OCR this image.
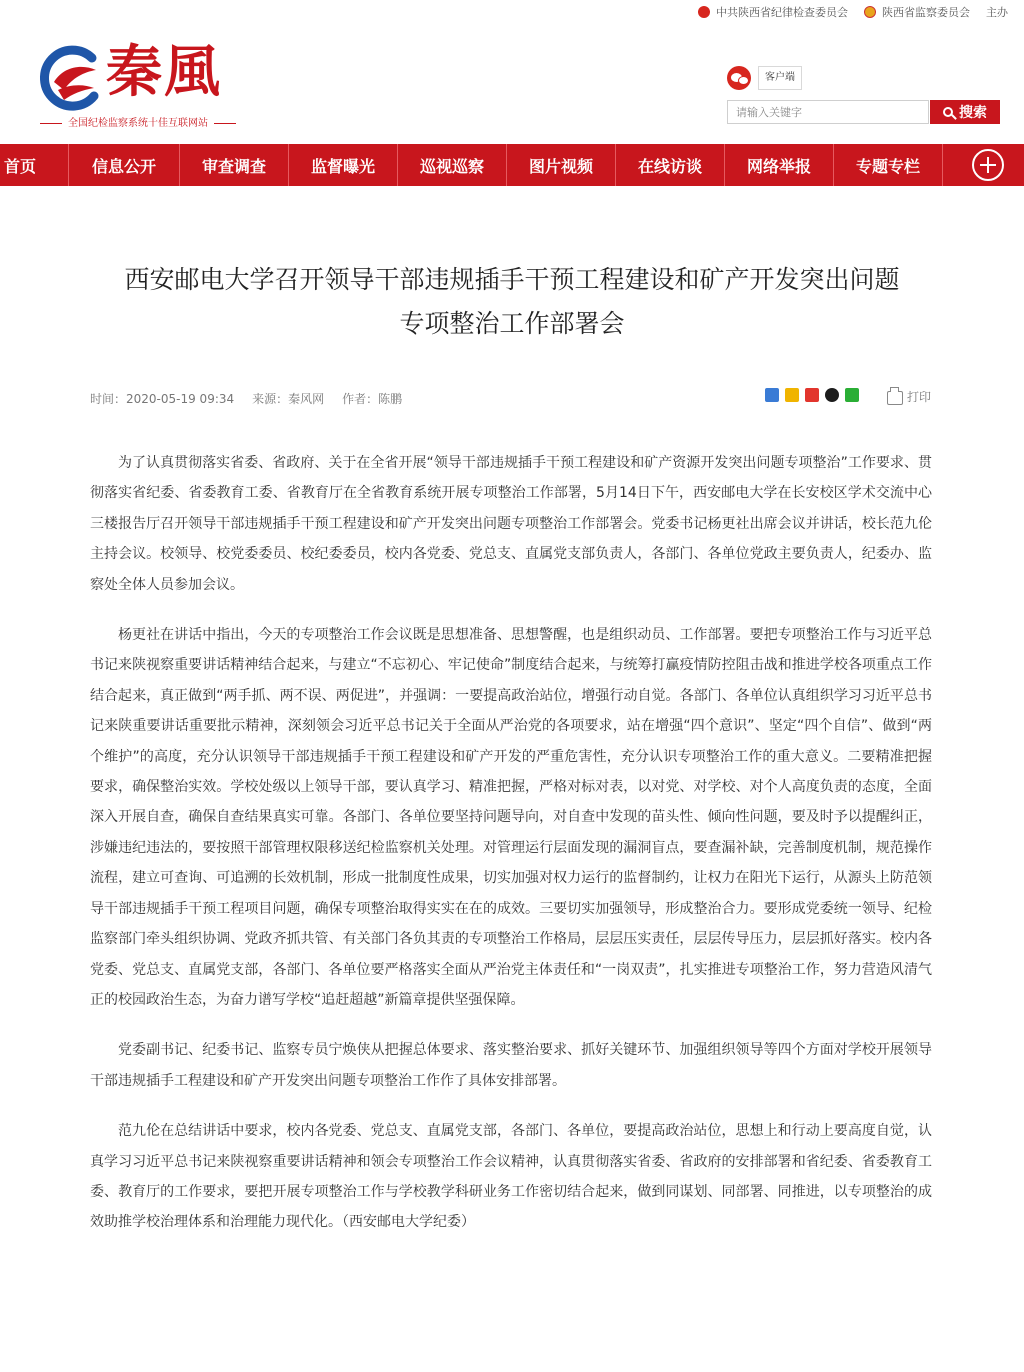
中共陕西省纪律检查委员会	陕西省监察委员会 主办
秦風
全国纪检监察系统十佳互联网站
客户端
请输入关键字
搜索
首页	信息公开	审查调查	监督曝光	巡视巡察	图片视频	在线访谈	网络举报	专题专栏
西安邮电大学召开领导干部违规插手干预工程建设和矿产开发突出问题
专项整治工作部署会
时间：2020-05-19 09:34 来源：秦风网 作者：陈鹏	打印

为了认真贯彻落实省委、省政府、关于在全省开展“领导干部违规插手干预工程建设和矿产资源开发突出问题专项整治”工作要求、贯彻落实省纪委、省委教育工委、省教育厅在全省教育系统开展专项整治工作部署，5月14日下午，西安邮电大学在长安校区学术交流中心三楼报告厅召开领导干部违规插手干预工程建设和矿产开发突出问题专项整治工作部署会。党委书记杨更社出席会议并讲话，校长范九伦主持会议。校领导、校党委委员、校纪委委员，校内各党委、党总支、直属党支部负责人，各部门、各单位党政主要负责人，纪委办、监察处全体人员参加会议。

杨更社在讲话中指出，今天的专项整治工作会议既是思想准备、思想警醒，也是组织动员、工作部署。要把专项整治工作与习近平总书记来陕视察重要讲话精神结合起来，与建立“不忘初心、牢记使命”制度结合起来，与统筹打赢疫情防控阻击战和推进学校各项重点工作结合起来，真正做到“两手抓、两不误、两促进”，并强调：一要提高政治站位，增强行动自觉。各部门、各单位认真组织学习习近平总书记来陕重要讲话重要批示精神，深刻领会习近平总书记关于全面从严治党的各项要求，站在增强“四个意识”、坚定“四个自信”、做到“两个维护”的高度，充分认识领导干部违规插手干预工程建设和矿产开发的严重危害性，充分认识专项整治工作的重大意义。二要精准把握要求，确保整治实效。学校处级以上领导干部，要认真学习、精准把握，严格对标对表，以对党、对学校、对个人高度负责的态度，全面深入开展自查，确保自查结果真实可靠。各部门、各单位要坚持问题导向，对自查中发现的苗头性、倾向性问题，要及时予以提醒纠正，涉嫌违纪违法的，要按照干部管理权限移送纪检监察机关处理。对管理运行层面发现的漏洞盲点，要查漏补缺，完善制度机制，规范操作流程，建立可查询、可追溯的长效机制，形成一批制度性成果，切实加强对权力运行的监督制约，让权力在阳光下运行，从源头上防范领导干部违规插手干预工程项目问题，确保专项整治取得实实在在的成效。三要切实加强领导，形成整治合力。要形成党委统一领导、纪检监察部门牵头组织协调、党政齐抓共管、有关部门各负其责的专项整治工作格局，层层压实责任，层层传导压力，层层抓好落实。校内各党委、党总支、直属党支部，各部门、各单位要严格落实全面从严治党主体责任和“一岗双责”，扎实推进专项整治工作，努力营造风清气正的校园政治生态，为奋力谱写学校“追赶超越”新篇章提供坚强保障。

党委副书记、纪委书记、监察专员宁焕侠从把握总体要求、落实整治要求、抓好关键环节、加强组织领导等四个方面对学校开展领导干部违规插手工程建设和矿产开发突出问题专项整治工作作了具体安排部署。

范九伦在总结讲话中要求，校内各党委、党总支、直属党支部，各部门、各单位，要提高政治站位，思想上和行动上要高度自觉，认真学习习近平总书记来陕视察重要讲话精神和领会专项整治工作会议精神，认真贯彻落实省委、省政府的安排部署和省纪委、省委教育工委、教育厅的工作要求，要把开展专项整治工作与学校教学科研业务工作密切结合起来，做到同谋划、同部署、同推进，以专项整治的成效助推学校治理体系和治理能力现代化。（西安邮电大学纪委）
